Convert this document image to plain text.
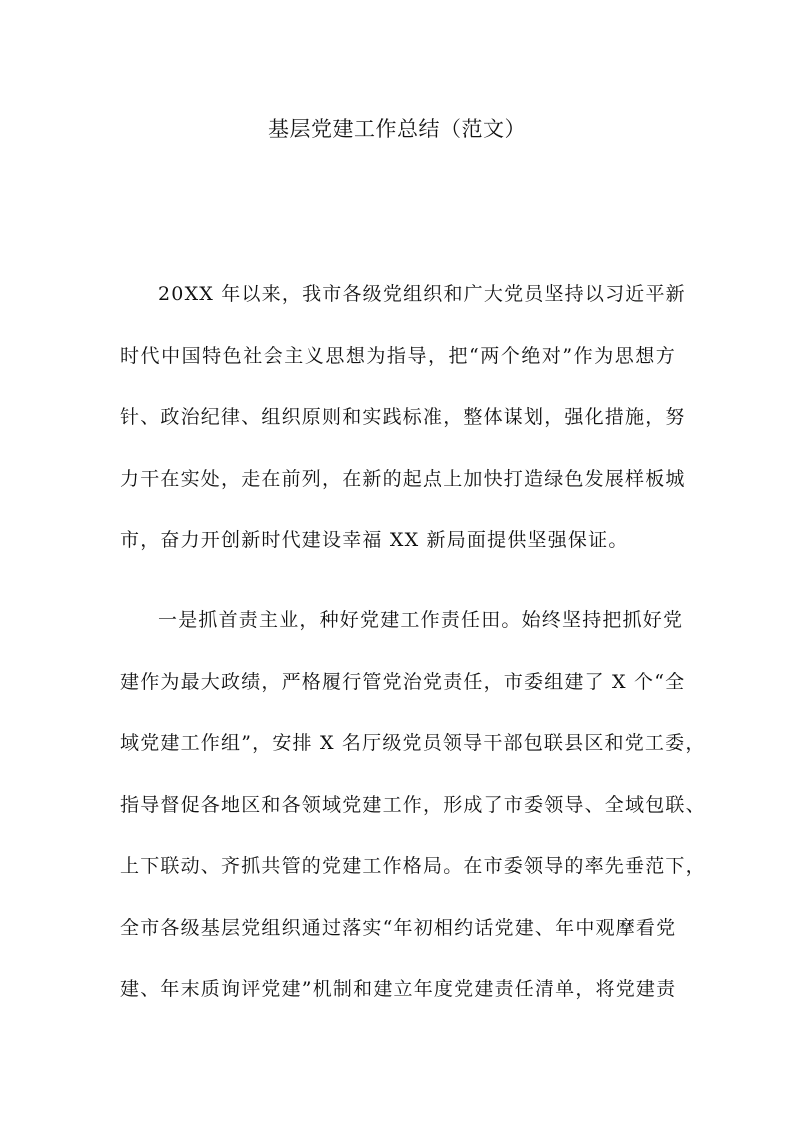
基层党建工作总结（范文）
20XX 年以来，我市各级党组织和广大党员坚持以习近平新
时代中国特色社会主义思想为指导，把“两个绝对”作为思想方
针、政治纪律、组织原则和实践标准，整体谋划，强化措施，努
力干在实处，走在前列，在新的起点上加快打造绿色发展样板城
市，奋力开创新时代建设幸福 XX 新局面提供坚强保证。
一是抓首责主业，种好党建工作责任田。始终坚持把抓好党
建作为最大政绩，严格履行管党治党责任，市委组建了 X 个“全
域党建工作组”，安排 X 名厅级党员领导干部包联县区和党工委，
指导督促各地区和各领域党建工作，形成了市委领导、全域包联、
上下联动、齐抓共管的党建工作格局。在市委领导的率先垂范下，
全市各级基层党组织通过落实“年初相约话党建、年中观摩看党
建、年末质询评党建”机制和建立年度党建责任清单，将党建责
